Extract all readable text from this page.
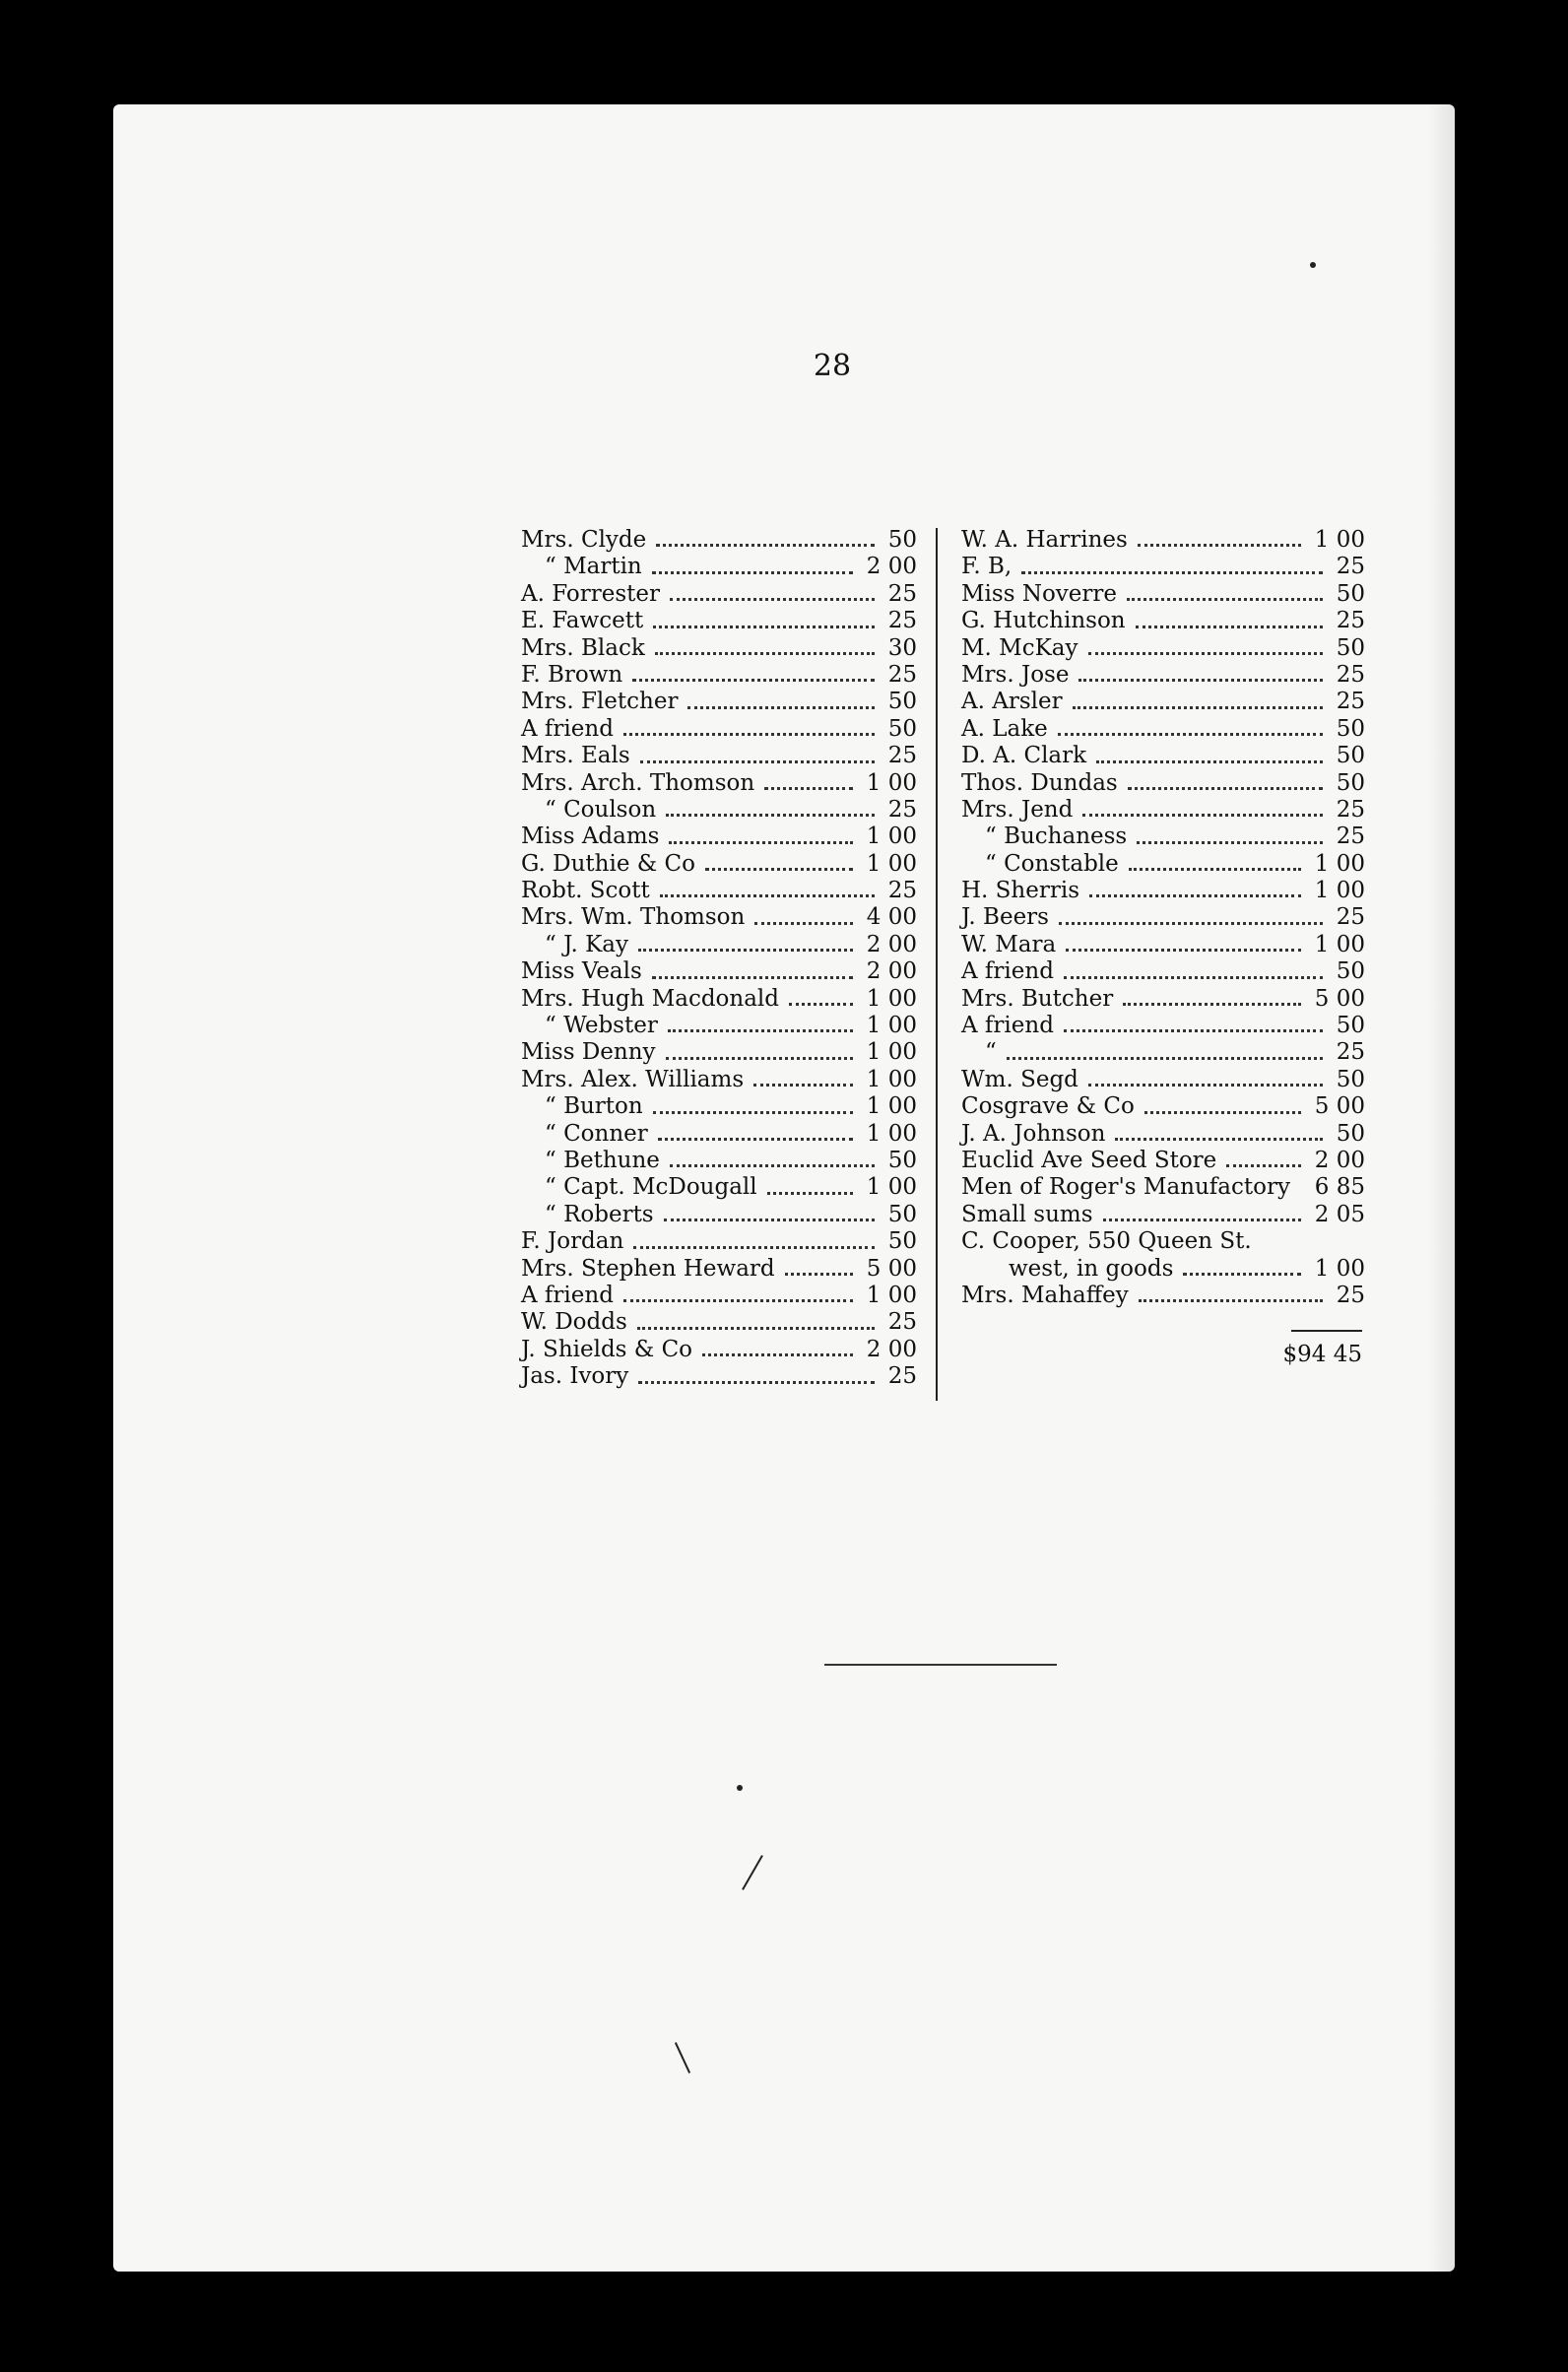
28
Mrs. Clyde	50
“ Martin	2 00
A. Forrester	25
E. Fawcett	25
Mrs. Black	30
F. Brown	25
Mrs. Fletcher	50
A friend	50
Mrs. Eals	25
Mrs. Arch. Thomson	1 00
“ Coulson	25
Miss Adams	1 00
G. Duthie & Co	1 00
Robt. Scott	25
Mrs. Wm. Thomson	4 00
“ J. Kay	2 00
Miss Veals	2 00
Mrs. Hugh Macdonald	1 00
“ Webster	1 00
Miss Denny	1 00
Mrs. Alex. Williams	1 00
“ Burton	1 00
“ Conner	1 00
“ Bethune	50
“ Capt. McDougall	1 00
“ Roberts	50
F. Jordan	50
Mrs. Stephen Heward	5 00
A friend	1 00
W. Dodds	25
J. Shields & Co	2 00
Jas. Ivory	25
W. A. Harrines	1 00
F. B,	25
Miss Noverre	50
G. Hutchinson	25
M. McKay	50
Mrs. Jose	25
A. Arsler	25
A. Lake	50
D. A. Clark	50
Thos. Dundas	50
Mrs. Jend	25
“ Buchaness	25
“ Constable	1 00
H. Sherris	1 00
J. Beers	25
W. Mara	1 00
A friend	50
Mrs. Butcher	5 00
A friend	50
“	25
Wm. Segd	50
Cosgrave & Co	5 00
J. A. Johnson	50
Euclid Ave Seed Store	2 00
Men of Roger's Manufactory 6 85
Small sums	2 05
C. Cooper, 550 Queen St.
west, in goods	1 00
Mrs. Mahaffey	25
$94 45
